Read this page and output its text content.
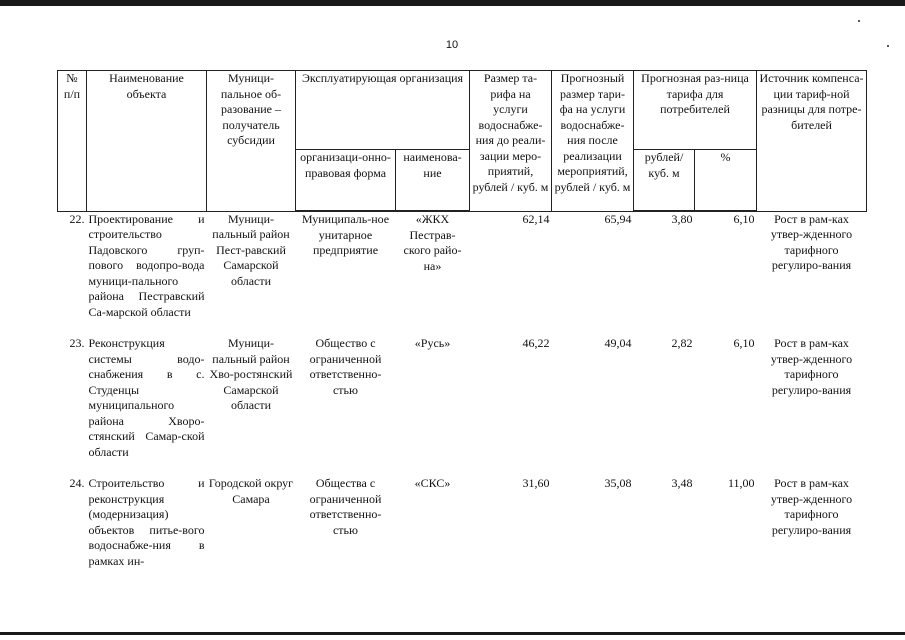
10
№ п/п	Наименование объекта	Муници-пальное об-разование – получатель субсидии	Эксплуатирующая организация		Размер та-рифа на услуги водоснабже-ния до реали-зации меро-приятий, рублей / куб. м	Прогнозный размер тари-фа на услуги водоснабже-ния после реализации мероприятий, рублей / куб. м	Прогнозная раз-ница тарифа для потребителей		Источник компенса-ции тариф-ной разницы для потре-бителей
			организаци-онно-правовая форма	наименова-ние			рублей/ куб. м	%	
22.	Проектирование и строительство Падовского груп-пового водопро-вода муници-пального района Пестравский Са-марской области	Муници-пальный район Пест-равский Самарской области	Муниципаль-ное унитарное предприятие	«ЖКХ Пестрав-ского райо-на»	62,14	65,94	3,80	6,10	Рост в рам-ках утвер-жденного тарифного регулиро-вания
23.	Реконструкция системы водо-снабжения в с. Студенцы муниципального района Хворо-стянский Самар-ской области	Муници-пальный район Хво-ростянский Самарской области	Общество с ограниченной ответственно-стью	«Русь»	46,22	49,04	2,82	6,10	Рост в рам-ках утвер-жденного тарифного регулиро-вания
24.	Строительство и реконструкция (модернизация) объектов питье-вого водоснабже-ния в рамках ин-	Городской округ Самара	Общества с ограниченной ответственно-стью	«СКС»	31,60	35,08	3,48	11,00	Рост в рам-ках утвер-жденного тарифного регулиро-вания
